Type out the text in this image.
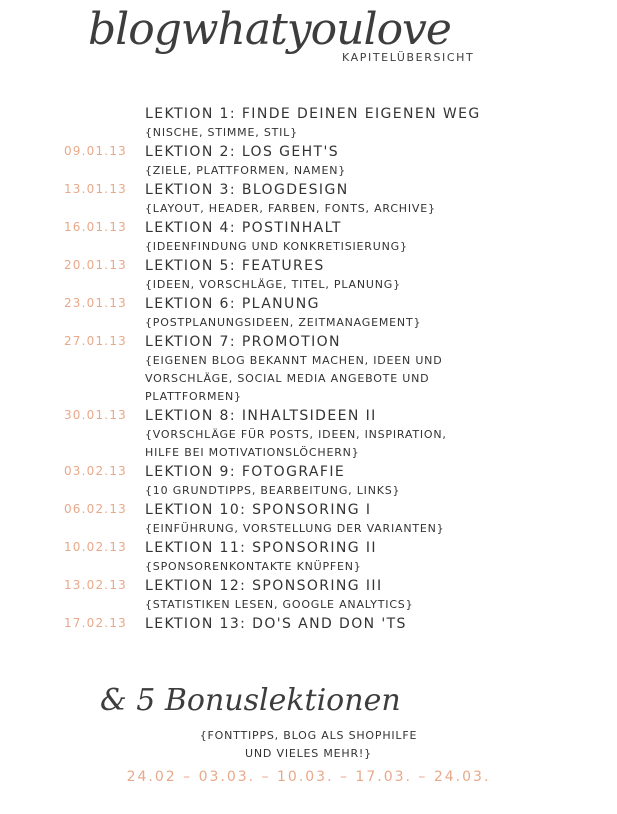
blogwhatyoulove
KAPITELÜBERSICHT
LEKTION 1: FINDE DEINEN EIGENEN WEG
{NISCHE, STIMME, STIL}
09.01.13 LEKTION 2: LOS GEHT'S
{ZIELE, PLATTFORMEN, NAMEN}
13.01.13 LEKTION 3: BLOGDESIGN
{LAYOUT, HEADER, FARBEN, FONTS, ARCHIVE}
16.01.13 LEKTION 4: POSTINHALT
{IDEENFINDUNG UND KONKRETISIERUNG}
20.01.13 LEKTION 5: FEATURES
{IDEEN, VORSCHLÄGE, TITEL, PLANUNG}
23.01.13 LEKTION 6: PLANUNG
{POSTPLANUNGSIDEEN, ZEITMANAGEMENT}
27.01.13 LEKTION 7: PROMOTION
{EIGENEN BLOG BEKANNT MACHEN, IDEEN UND
VORSCHLÄGE, SOCIAL MEDIA ANGEBOTE UND
PLATTFORMEN}
30.01.13 LEKTION 8: INHALTSIDEEN II
{VORSCHLÄGE FÜR POSTS, IDEEN, INSPIRATION,
HILFE BEI MOTIVATIONSLÖCHERN}
03.02.13 LEKTION 9: FOTOGRAFIE
{10 GRUNDTIPPS, BEARBEITUNG, LINKS}
06.02.13 LEKTION 10: SPONSORING I
{EINFÜHRUNG, VORSTELLUNG DER VARIANTEN}
10.02.13 LEKTION 11: SPONSORING II
{SPONSORENKONTAKTE KNÜPFEN}
13.02.13 LEKTION 12: SPONSORING III
{STATISTIKEN LESEN, GOOGLE ANALYTICS}
17.02.13 LEKTION 13: DO'S AND DON 'TS
& 5 Bonuslektionen
{FONTTIPPS, BLOG ALS SHOPHILFE
UND VIELES MEHR!}
24.02 – 03.03. – 10.03. – 17.03. – 24.03.
